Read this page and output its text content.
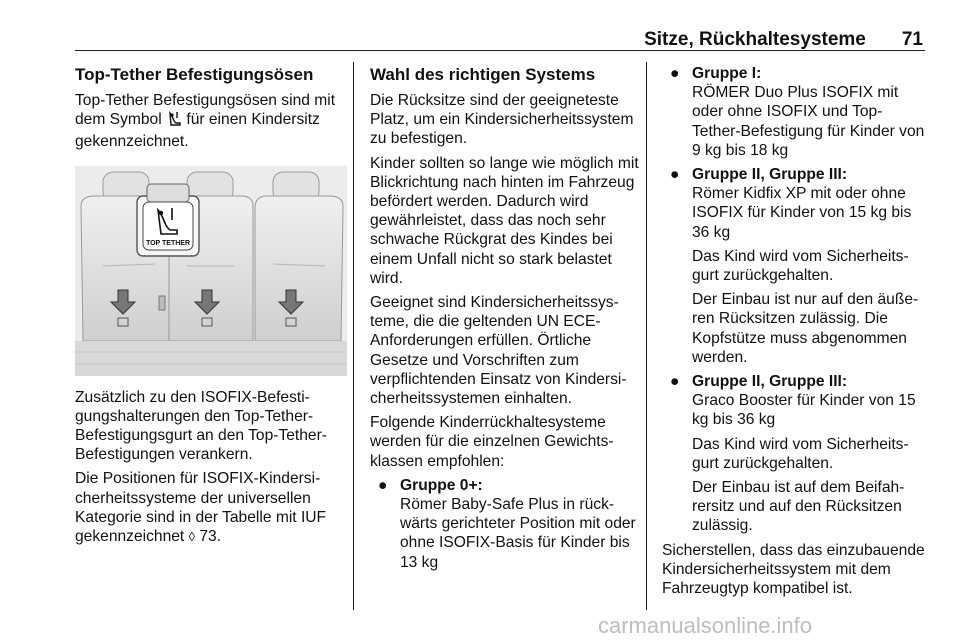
Sitze, Rückhaltesysteme 71
Top-Tether Befestigungsösen

Top-Tether Befestigungsösen sind mit dem Symbol für einen Kindersitz gekennzeichnet.

TOP TETHER

Zusätzlich zu den ISOFIX-Befestigungshalterungen den Top-Tether-Befestigungsgurt an den Top-Tether-Befestigungen verankern.

Die Positionen für ISOFIX-Kindersicherheitssysteme der universellen Kategorie sind in der Tabelle mit IUF gekennzeichnet ◊ 73.

Wahl des richtigen Systems

Die Rücksitze sind der geeigneteste Platz, um ein Kindersicherheitssystem zu befestigen.

Kinder sollten so lange wie möglich mit Blickrichtung nach hinten im Fahrzeug befördert werden. Dadurch wird gewährleistet, dass das noch sehr schwache Rückgrat des Kindes bei einem Unfall nicht so stark belastet wird.

Geeignet sind Kindersicherheitssysteme, die die geltenden UN ECE-Anforderungen erfüllen. Örtliche Gesetze und Vorschriften zum verpflichtenden Einsatz von Kindersicherheitssystemen einhalten.

Folgende Kinderrückhaltesysteme werden für die einzelnen Gewichtsklassen empfohlen:

● Gruppe 0+:
Römer Baby-Safe Plus in rückwärts gerichteter Position mit oder ohne ISOFIX-Basis für Kinder bis 13 kg
● Gruppe I:
RÖMER Duo Plus ISOFIX mit oder ohne ISOFIX und Top-Tether-Befestigung für Kinder von 9 kg bis 18 kg
● Gruppe II, Gruppe III:
Römer Kidfix XP mit oder ohne ISOFIX für Kinder von 15 kg bis 36 kg
Das Kind wird vom Sicherheitsgurt zurückgehalten.
Der Einbau ist nur auf den äußeren Rücksitzen zulässig. Die Kopfstütze muss abgenommen werden.
● Gruppe II, Gruppe III:
Graco Booster für Kinder von 15 kg bis 36 kg
Das Kind wird vom Sicherheitsgurt zurückgehalten.
Der Einbau ist auf dem Beifahrersitz und auf den Rücksitzen zulässig.

Sicherstellen, dass das einzubauende Kindersicherheitssystem mit dem Fahrzeugtyp kompatibel ist.

carmanualsonline.info
